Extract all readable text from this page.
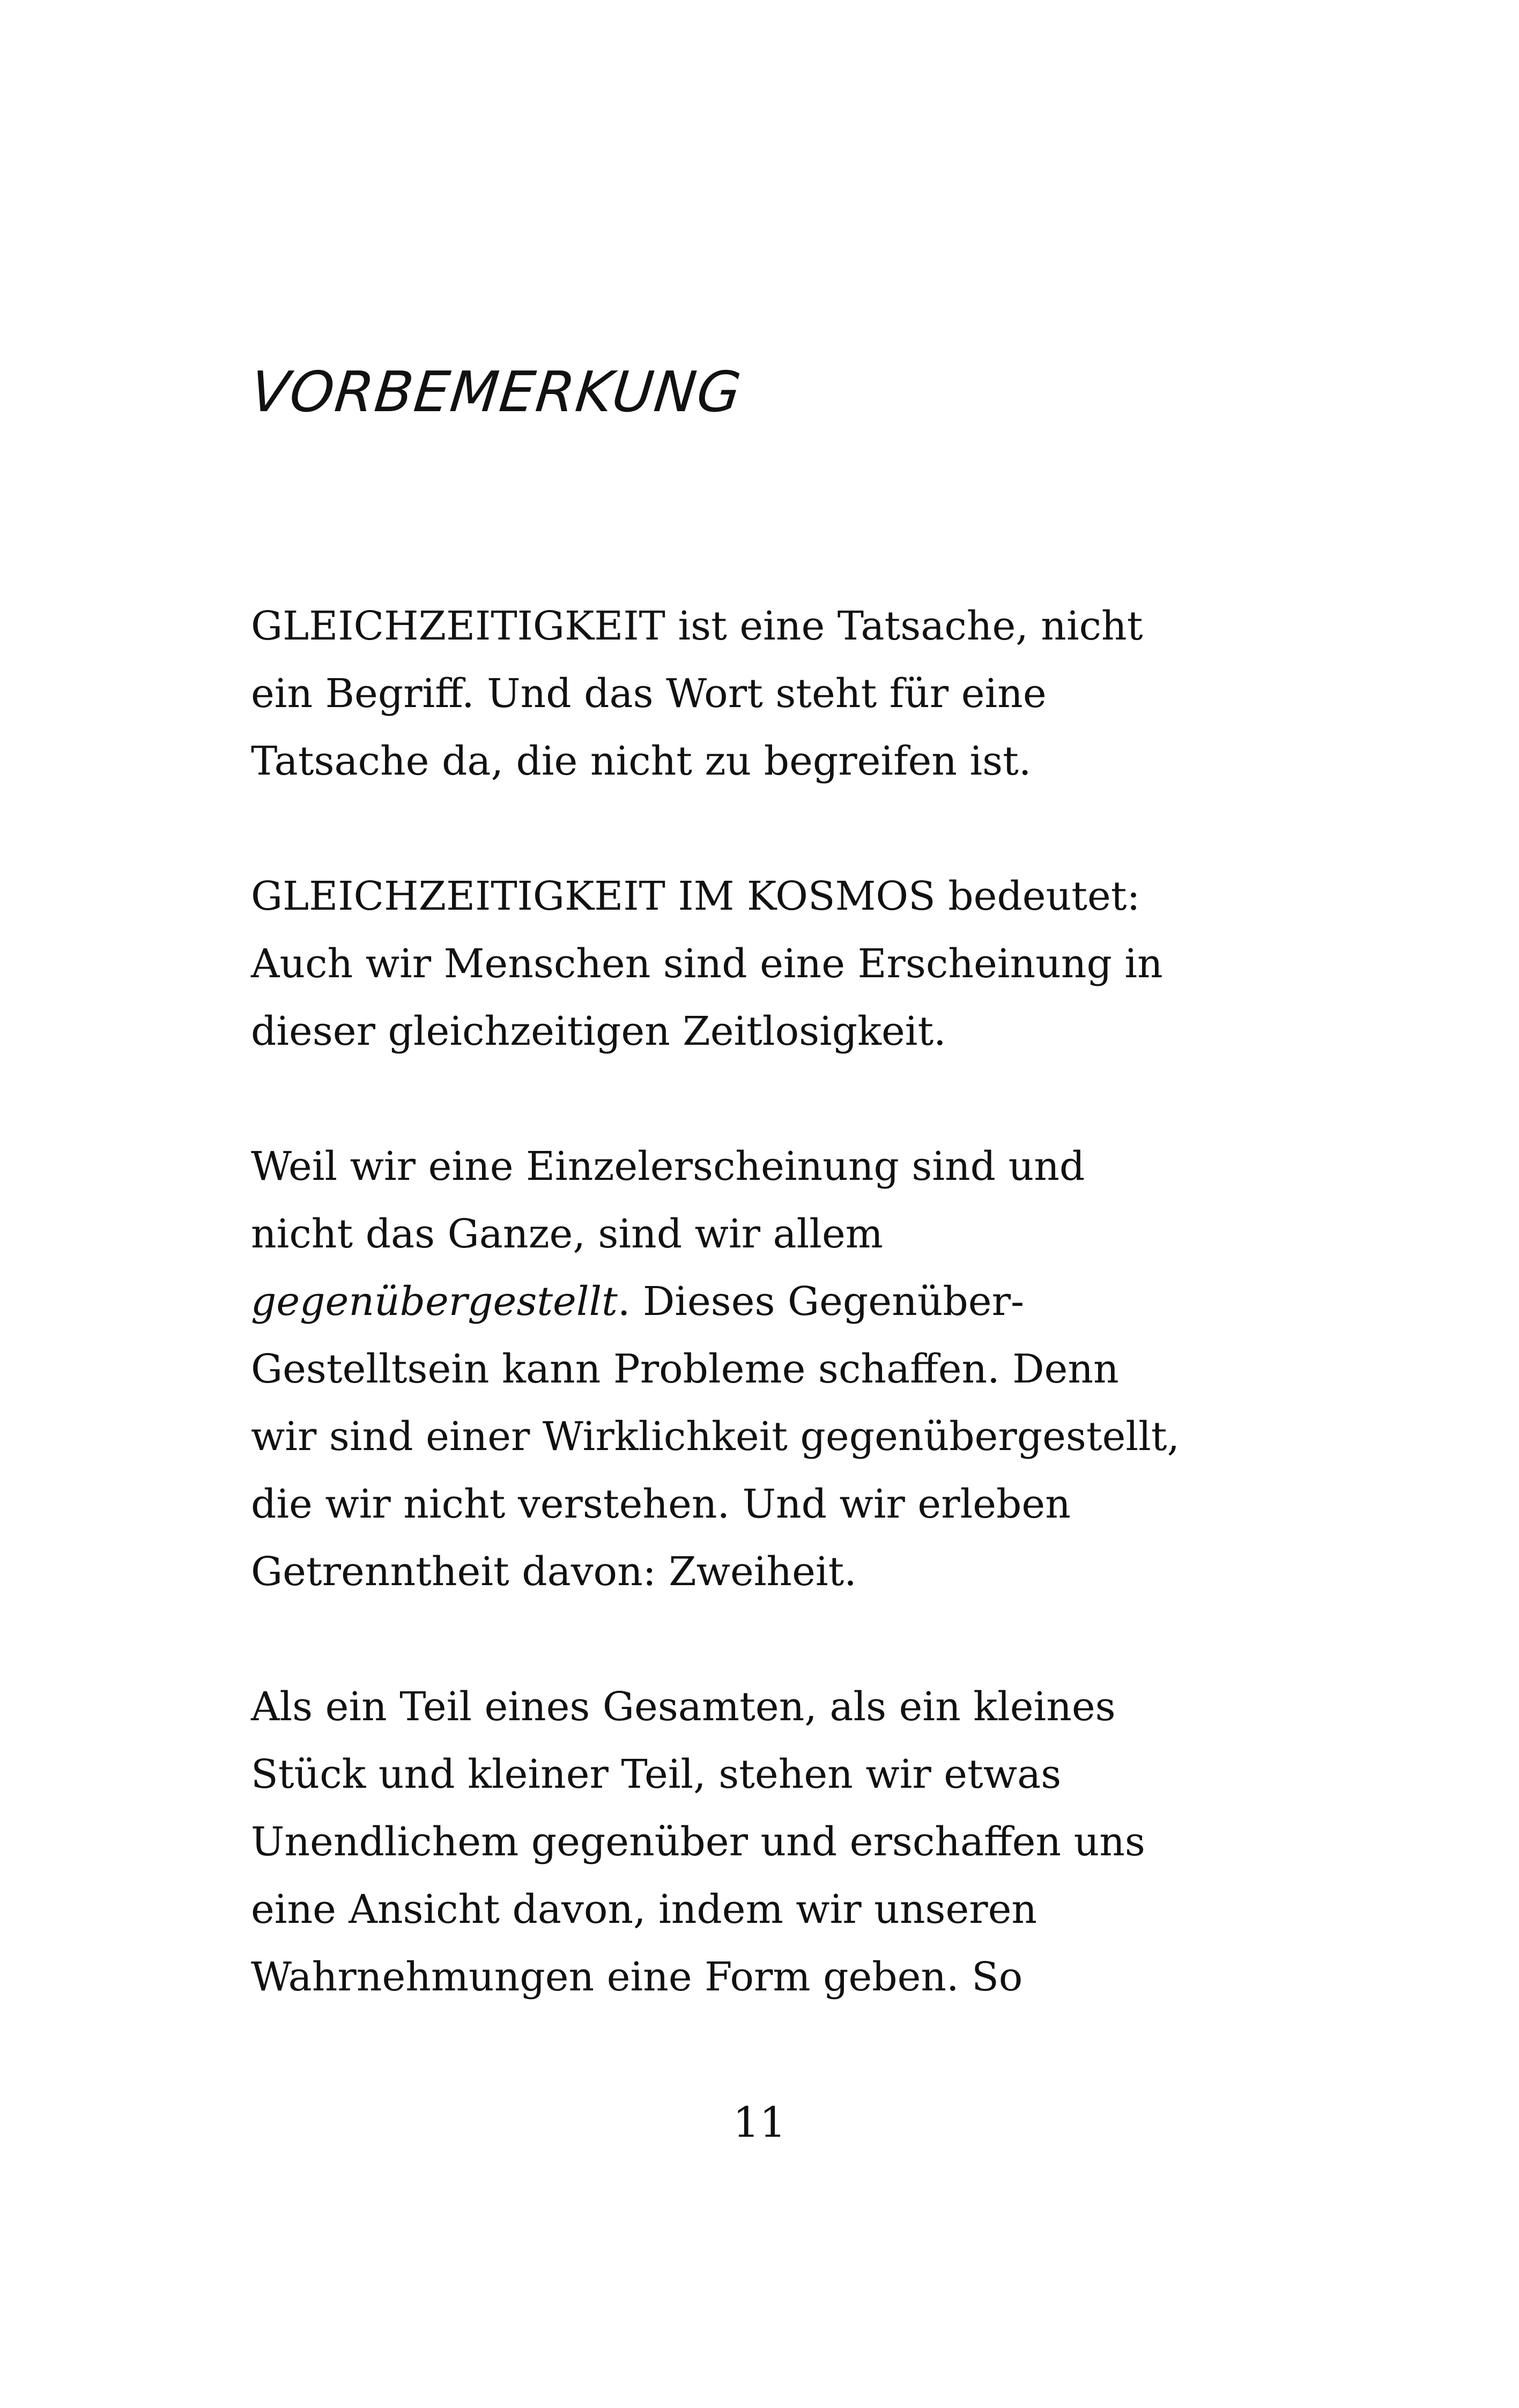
VORBEMERKUNG

GLEICHZEITIGKEIT ist eine Tatsache, nicht
ein Begriff. Und das Wort steht für eine
Tatsache da, die nicht zu begreifen ist.

GLEICHZEITIGKEIT IM KOSMOS bedeutet:
Auch wir Menschen sind eine Erscheinung in
dieser gleichzeitigen Zeitlosigkeit.

Weil wir eine Einzelerscheinung sind und
nicht das Ganze, sind wir allem
gegenübergestellt. Dieses Gegenüber-
Gestelltsein kann Probleme schaffen. Denn
wir sind einer Wirklichkeit gegenübergestellt,
die wir nicht verstehen. Und wir erleben
Getrenntheit davon: Zweiheit.

Als ein Teil eines Gesamten, als ein kleines
Stück und kleiner Teil, stehen wir etwas
Unendlichem gegenüber und erschaffen uns
eine Ansicht davon, indem wir unseren
Wahrnehmungen eine Form geben. So

11
